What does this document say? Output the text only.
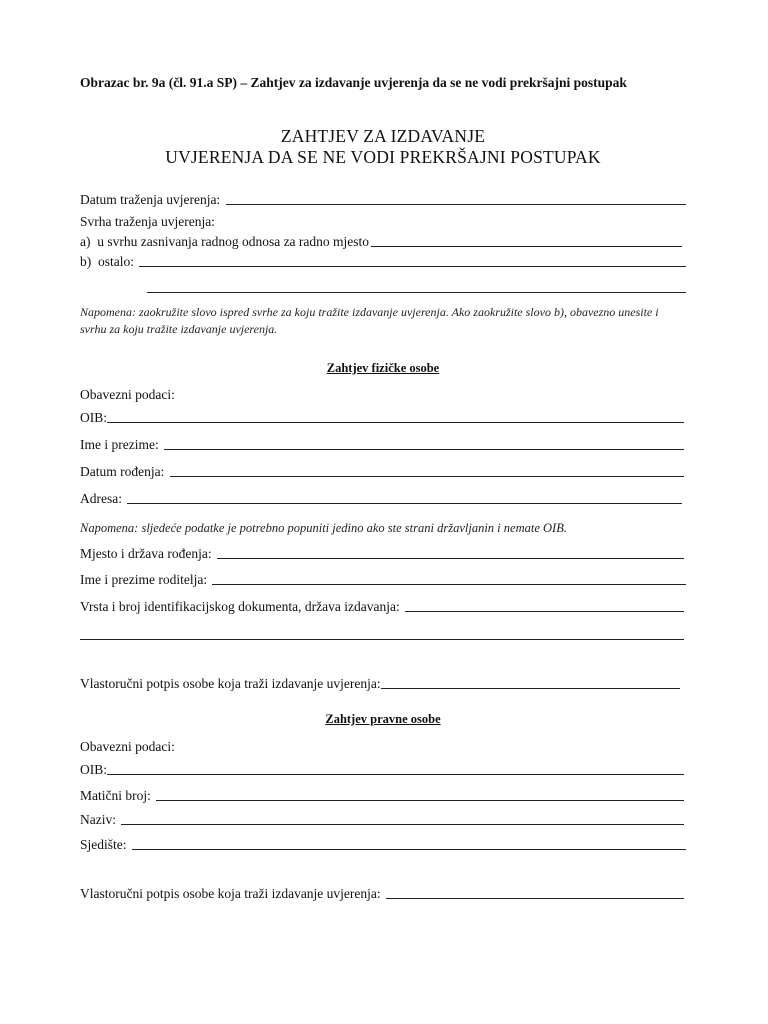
Obrazac br. 9a (čl. 91.a SP) – Zahtjev za izdavanje uvjerenja da se ne vodi prekršajni postupak
ZAHTJEV ZA IZDAVANJE
UVJERENJA DA SE NE VODI PREKRŠAJNI POSTUPAK
Datum traženja uvjerenja:
Svrha traženja uvjerenja:
a)  u svrhu zasnivanja radnog odnosa za radno mjesto
b)  ostalo:
Napomena: zaokružite slovo ispred svrhe za koju tražite izdavanje uvjerenja. Ako zaokružite slovo b), obavezno unesite i svrhu za koju tražite izdavanje uvjerenja.
Zahtjev fizičke osobe
Obavezni podaci:
OIB:
Ime i prezime:
Datum rođenja:
Adresa:
Napomena: sljedeće podatke je potrebno popuniti jedino ako ste strani državljanin i nemate OIB.
Mjesto i država rođenja:
Ime i prezime roditelja:
Vrsta i broj identifikacijskog dokumenta, država izdavanja:
Vlastoručni potpis osobe koja traži izdavanje uvjerenja:
Zahtjev pravne osobe
Obavezni podaci:
OIB:
Matični broj:
Naziv:
Sjedište:
Vlastoručni potpis osobe koja traži izdavanje uvjerenja:
